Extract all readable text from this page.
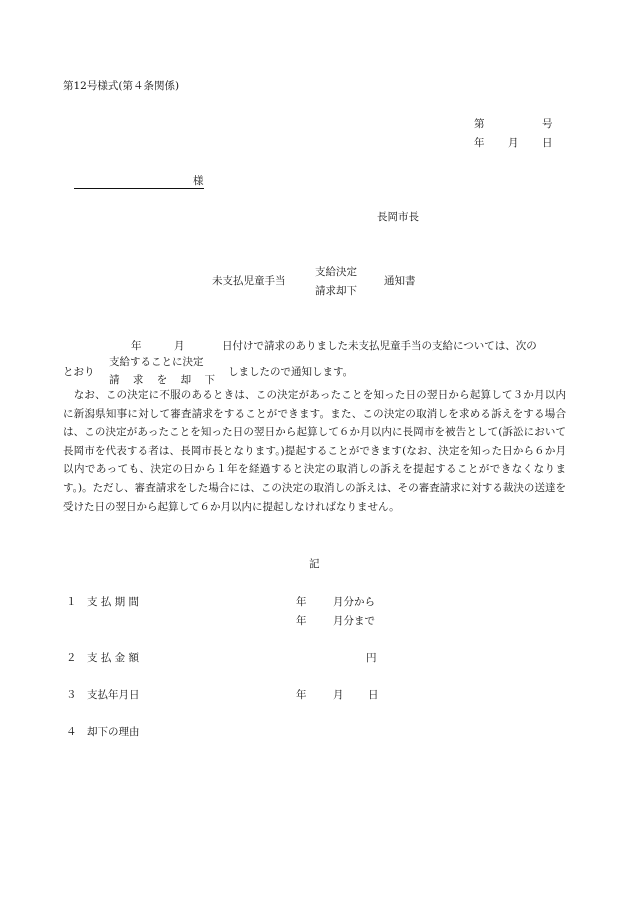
第12号様式(第４条関係)
第	号
年 月 日
様
長岡市長
未支払児童手当
支給決定
請求却下
通知書
年	月	日付けで請求のありました未支払児童手当の支給については、次の
とおり
支給することに決定
請 求 を 却 下
しましたので通知します。
　なお、この決定に不服のあるときは、この決定があったことを知った日の翌日から起算して３か月以内に新潟県知事に対して審査請求をすることができます。また、この決定の取消しを求める訴えをする場合は、この決定があったことを知った日の翌日から起算して６か月以内に長岡市を被告として(訴訟において長岡市を代表する者は、長岡市長となります。)提起することができます(なお、決定を知った日から６か月以内であっても、決定の日から１年を経過すると決定の取消しの訴えを提起することができなくなります。)。ただし、審査請求をした場合には、この決定の取消しの訴えは、その審査請求に対する裁決の送達を受けた日の翌日から起算して６か月以内に提起しなければなりません。
記
１ 支 払 期 間	年	月分から
年	月分まで
２ 支 払 金 額	円
３ 支払年月日	年	月 日
４ 却下の理由
